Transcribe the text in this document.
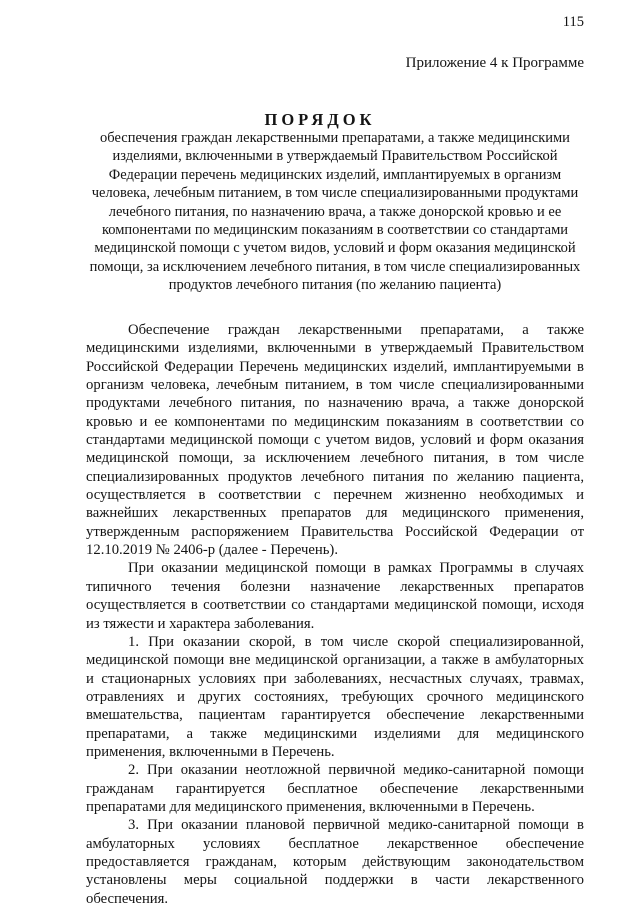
115
Приложение 4 к Программе
ПОРЯДОК
обеспечения граждан лекарственными препаратами, а также медицинскими изделиями, включенными в утверждаемый Правительством Российской Федерации перечень медицинских изделий, имплантируемых в организм человека, лечебным питанием, в том числе специализированными продуктами лечебного питания, по назначению врача, а также донорской кровью и ее компонентами по медицинским показаниям в соответствии со стандартами медицинской помощи с учетом видов, условий и форм оказания медицинской помощи, за исключением лечебного питания, в том числе специализированных продуктов лечебного питания (по желанию пациента)

Обеспечение граждан лекарственными препаратами, а также медицинскими изделиями, включенными в утверждаемый Правительством Российской Федерации Перечень медицинских изделий, имплантируемыми в организм человека, лечебным питанием, в том числе специализированными продуктами лечебного питания, по назначению врача, а также донорской кровью и ее компонентами по медицинским показаниям в соответствии со стандартами медицинской помощи с учетом видов, условий и форм оказания медицинской помощи, за исключением лечебного питания, в том числе специализированных продуктов лечебного питания по желанию пациента, осуществляется в соответствии с перечнем жизненно необходимых и важнейших лекарственных препаратов для медицинского применения, утвержденным распоряжением Правительства Российской Федерации от 12.10.2019 № 2406-р (далее - Перечень).

При оказании медицинской помощи в рамках Программы в случаях типичного течения болезни назначение лекарственных препаратов осуществляется в соответствии со стандартами медицинской помощи, исходя из тяжести и характера заболевания.

1. При оказании скорой, в том числе скорой специализированной, медицинской помощи вне медицинской организации, а также в амбулаторных и стационарных условиях при заболеваниях, несчастных случаях, травмах, отравлениях и других состояниях, требующих срочного медицинского вмешательства, пациентам гарантируется обеспечение лекарственными препаратами, а также медицинскими изделиями для медицинского применения, включенными в Перечень.

2. При оказании неотложной первичной медико-санитарной помощи гражданам гарантируется бесплатное обеспечение лекарственными препаратами для медицинского применения, включенными в Перечень.

3. При оказании плановой первичной медико-санитарной помощи в амбулаторных условиях бесплатное лекарственное обеспечение предоставляется гражданам, которым действующим законодательством установлены меры социальной поддержки в части лекарственного обеспечения.
